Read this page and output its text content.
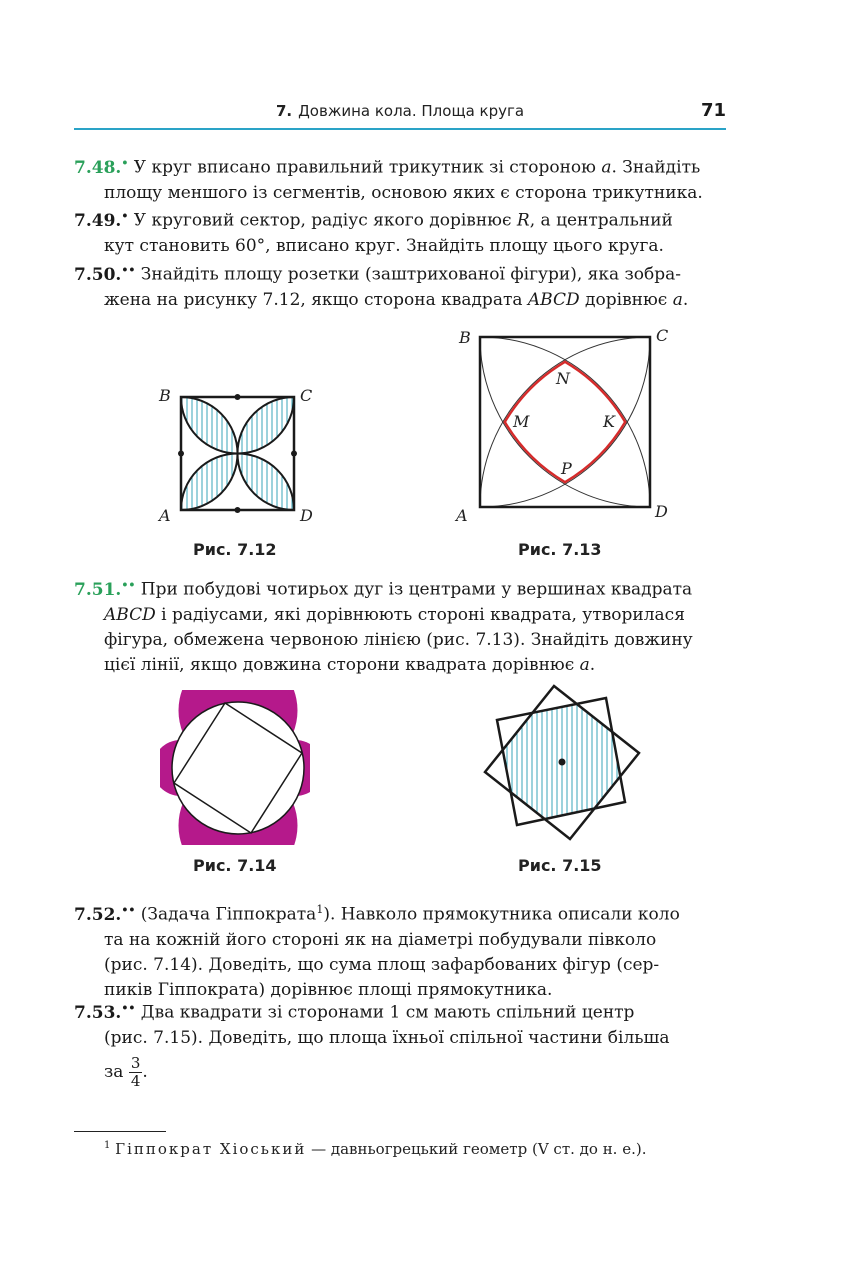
7. Довжина кола. Площа круга	71
7.48.• У круг вписано правильний трикутник зі стороною a. Знайдіть
площу меншого із сегментів, основою яких є сторона трикутника.
7.49.• У круговий сектор, радіус якого дорівнює R, а центральний
кут становить 60°, вписано круг. Знайдіть площу цього круга.
7.50.•• Знайдіть площу розетки (заштрихованої фігури), яка зобра-
жена на рисунку 7.12, якщо сторона квадрата ABCD дорівнює a.
B	C
A	D
Рис. 7.12
B	C
A	D
N
M	K
P
Рис. 7.13
7.51.•• При побудові чотирьох дуг із центрами у вершинах квадрата
ABCD і радіусами, які дорівнюють стороні квадрата, утворилася
фігура, обмежена червоною лінією (рис. 7.13). Знайдіть довжину
цієї лінії, якщо довжина сторони квадрата дорівнює a.
Рис. 7.14	Рис. 7.15
7.52.•• (Задача Гіппократа$^1$). Навколо прямокутника описали коло
та на кожній його стороні як на діаметрі побудували півколо
(рис. 7.14). Доведіть, що сума площ зафарбованих фігур (сер-
пиків Гіппократа) дорівнює площі прямокутника.
7.53.•• Два квадрати зі сторонами 1 см мають спільний центр
(рис. 7.15). Доведіть, що площа їхньої спільної частини більша
за $\frac{3}{4}$ .
$^1$ Гіппократ Хіоський — давньогрецький геометр (V ст. до н. е.).
